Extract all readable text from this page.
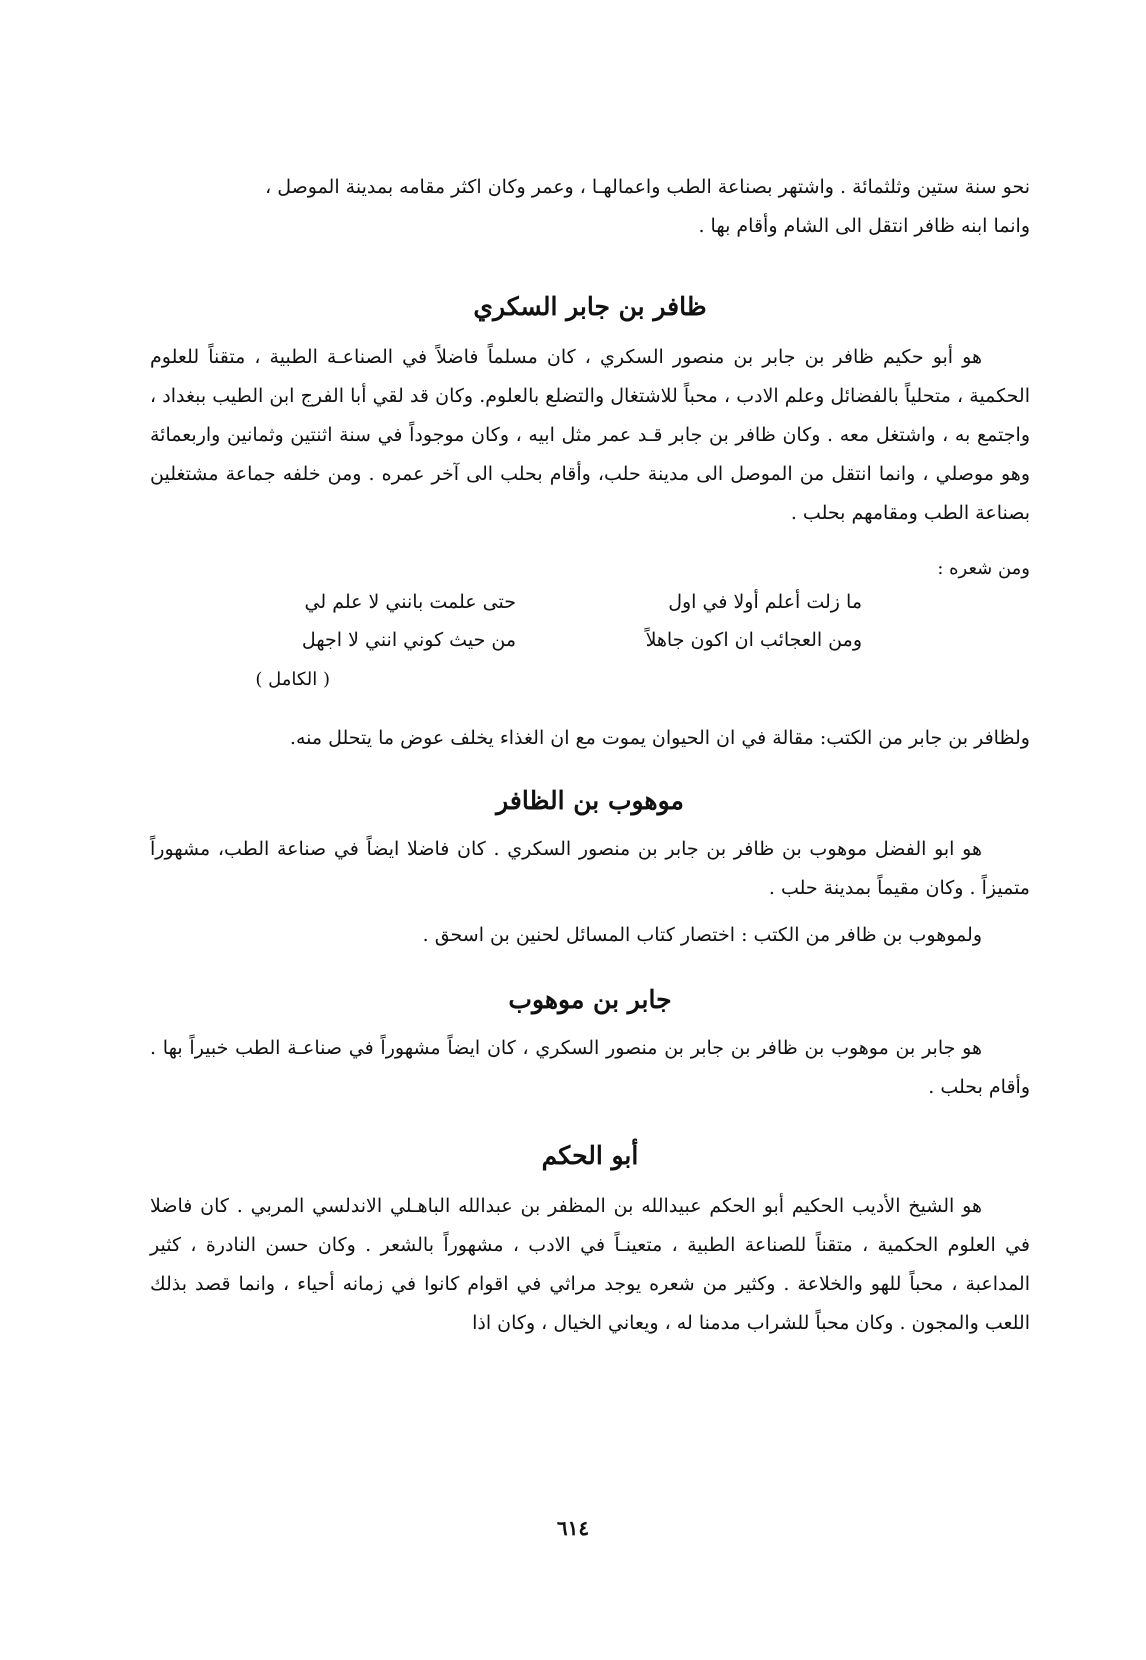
نحو سنة ستين وثلثمائة . واشتهر بصناعة الطب واعمالهـا ، وعمر وكان اكثر مقامه بمدينة الموصل ،
وانما ابنه ظافر انتقل الى الشام وأقام بها .

ظافر بن جابر السكري

هو أبو حكيم ظافر بن جابر بن منصور السكري ، كان مسلماً فاضلاً في الصناعـة الطبية ، متقناً للعلوم الحكمية ، متحلياً بالفضائل وعلم الادب ، محباً للاشتغال والتضلع بالعلوم. وكان قد لقي أبا الفرج ابن الطيب ببغداد ، واجتمع به ، واشتغل معه . وكان ظافر بن جابر قـد عمر مثل ابيه ، وكان موجوداً في سنة اثنتين وثمانين واربعمائة وهو موصلي ، وانما انتقل من الموصل الى مدينة حلب، وأقام بحلب الى آخر عمره . ومن خلفه جماعة مشتغلين بصناعة الطب ومقامهم بحلب .

ومن شعره :

ما زلت أعلم أولا في اول
حتى علمت بانني لا علم لي
ومن العجائب ان اكون جاهلاً
من حيث كوني انني لا اجهل
( الكامل )

ولظافر بن جابر من الكتب: مقالة في ان الحيوان يموت مع ان الغذاء يخلف عوض ما يتحلل منه.

موهوب بن الظافر

هو ابو الفضل موهوب بن ظافر بن جابر بن منصور السكري . كان فاضلا ايضاً في صناعة الطب، مشهوراً متميزاً . وكان مقيماً بمدينة حلب .

ولموهوب بن ظافر من الكتب : اختصار كتاب المسائل لحنين بن اسحق .

جابر بن موهوب

هو جابر بن موهوب بن ظافر بن جابر بن منصور السكري ، كان ايضاً مشهوراً في صناعـة الطب خبيراً بها . وأقام بحلب .

أبو الحكم

هو الشيخ الأديب الحكيم أبو الحكم عبيدالله بن المظفر بن عبدالله الباهـلي الاندلسي المربي . كان فاضلا في العلوم الحكمية ، متقناً للصناعة الطبية ، متعينـاً في الادب ، مشهوراً بالشعر . وكان حسن النادرة ، كثير المداعبة ، محباً للهو والخلاعة . وكثير من شعره يوجد مراثي في اقوام كانوا في زمانه أحياء ، وانما قصد بذلك اللعب والمجون . وكان محباً للشراب مدمنا له ، ويعاني الخيال ، وكان اذا

٦١٤
